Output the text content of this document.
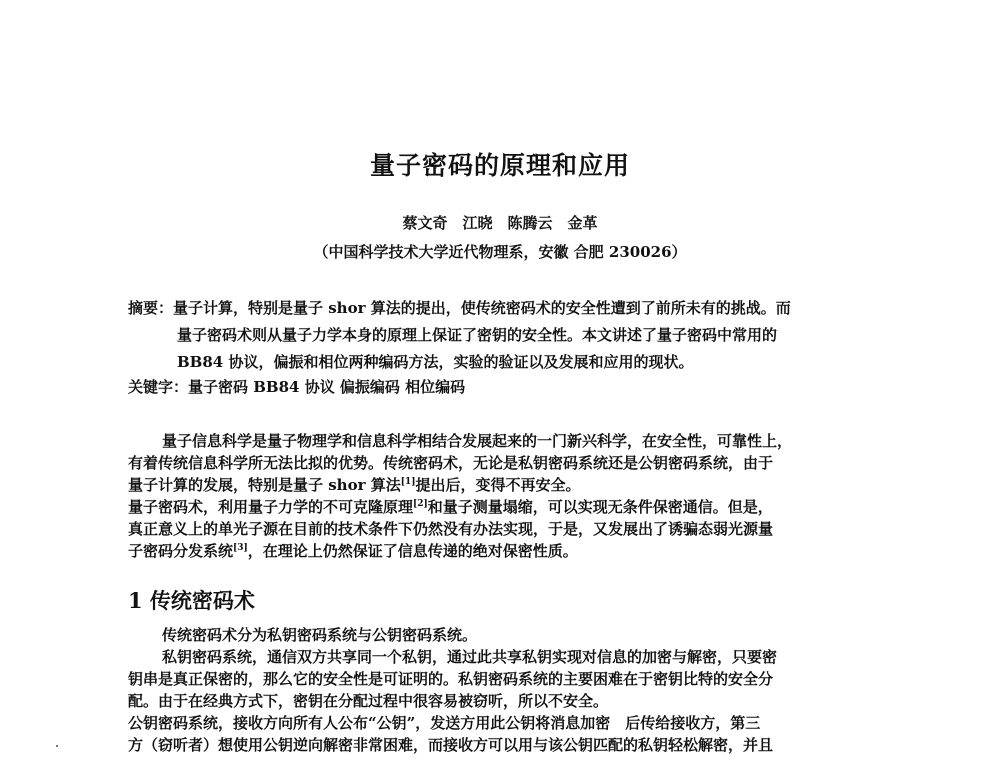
量子密码的原理和应用
蔡文奇　江晓　陈腾云　金革
（中国科学技术大学近代物理系，安徽 合肥 230026）
摘要：量子计算，特别是量子 shor 算法的提出，使传统密码术的安全性遭到了前所未有的挑战。而
量子密码术则从量子力学本身的原理上保证了密钥的安全性。本文讲述了量子密码中常用的
BB84 协议，偏振和相位两种编码方法，实验的验证以及发展和应用的现状。
关键字：量子密码 BB84 协议 偏振编码 相位编码
量子信息科学是量子物理学和信息科学相结合发展起来的一门新兴科学，在安全性，可靠性上，
有着传统信息科学所无法比拟的优势。传统密码术，无论是私钥密码系统还是公钥密码系统，由于
量子计算的发展，特别是量子 shor 算法[1]提出后，变得不再安全。
量子密码术，利用量子力学的不可克隆原理[2]和量子测量塌缩，可以实现无条件保密通信。但是，
真正意义上的单光子源在目前的技术条件下仍然没有办法实现，于是，又发展出了诱骗态弱光源量
子密码分发系统[3]，在理论上仍然保证了信息传递的绝对保密性质。
1 传统密码术
传统密码术分为私钥密码系统与公钥密码系统。
私钥密码系统，通信双方共享同一个私钥，通过此共享私钥实现对信息的加密与解密，只要密
钥串是真正保密的，那么它的安全性是可证明的。私钥密码系统的主要困难在于密钥比特的安全分
配。由于在经典方式下，密钥在分配过程中很容易被窃听，所以不安全。
公钥密码系统，接收方向所有人公布“公钥”，发送方用此公钥将消息加密　后传给接收方，第三
方（窃听者）想使用公钥逆向解密非常困难，而接收方可以用与该公钥匹配的私钥轻松解密，并且
